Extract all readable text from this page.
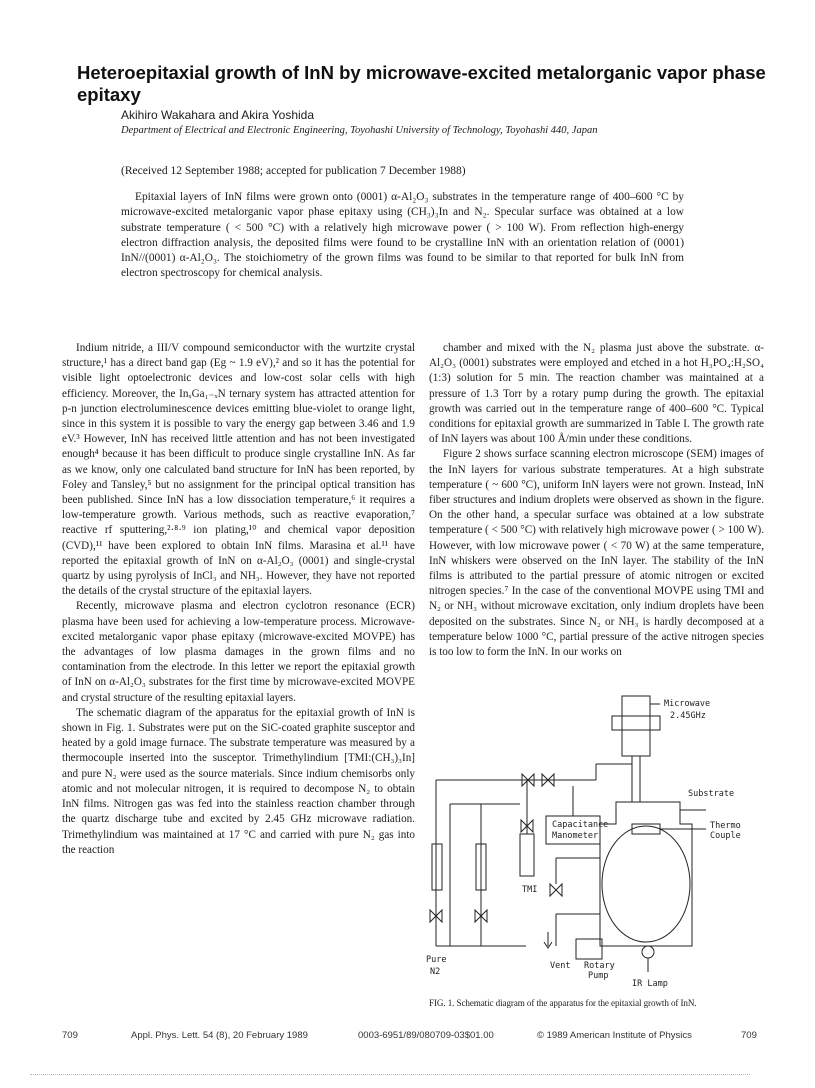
Heteroepitaxial growth of InN by microwave-excited metalorganic vapor phase epitaxy
Akihiro Wakahara and Akira Yoshida
Department of Electrical and Electronic Engineering, Toyohashi University of Technology, Toyohashi 440, Japan
(Received 12 September 1988; accepted for publication 7 December 1988)

Epitaxial layers of InN films were grown onto (0001) α-Al₂O₃ substrates in the temperature range of 400–600 °C by microwave-excited metalorganic vapor phase epitaxy using (CH₃)₃In and N₂. Specular surface was obtained at a low substrate temperature ( < 500 °C) with a relatively high microwave power ( > 100 W). From reflection high-energy electron diffraction analysis, the deposited films were found to be crystalline InN with an orientation relation of (0001) InN//(0001) α-Al₂O₃. The stoichiometry of the grown films was found to be similar to that reported for bulk InN from electron spectroscopy for chemical analysis.

Indium nitride, a III/V compound semiconductor with the wurtzite crystal structure,¹ has a direct band gap (Eg ~ 1.9 eV),² and so it has the potential for visible light optoelectronic devices and low-cost solar cells with high efficiency. Moreover, the InₓGa₁₋ₓN ternary system has attracted attention for p-n junction electroluminescence devices emitting blue-violet to orange light, since in this system it is possible to vary the energy gap between 3.46 and 1.9 eV.³ However, InN has received little attention and has not been investigated enough⁴ because it has been difficult to produce single crystalline InN. As far as we know, only one calculated band structure for InN has been reported, by Foley and Tansley,⁵ but no assignment for the principal optical transition has been published. Since InN has a low dissociation temperature,⁶ it requires a low-temperature growth. Various methods, such as reactive evaporation,⁷ reactive rf sputtering,²·⁸·⁹ ion plating,¹⁰ and chemical vapor deposition (CVD),¹¹ have been explored to obtain InN films. Marasina et al.¹¹ have reported the epitaxial growth of InN on α-Al₂O₃ (0001) and single-crystal quartz by using pyrolysis of InCl₃ and NH₃. However, they have not reported the details of the crystal structure of the epitaxial layers.

Recently, microwave plasma and electron cyclotron resonance (ECR) plasma have been used for achieving a low-temperature process. Microwave-excited metalorganic vapor phase epitaxy (microwave-excited MOVPE) has the advantages of low plasma damages in the grown films and no contamination from the electrode. In this letter we report the epitaxial growth of InN on α-Al₂O₃ substrates for the first time by microwave-excited MOVPE and crystal structure of the resulting epitaxial layers.

The schematic diagram of the apparatus for the epitaxial growth of InN is shown in Fig. 1. Substrates were put on the SiC-coated graphite susceptor and heated by a gold image furnace. The substrate temperature was measured by a thermocouple inserted into the susceptor. Trimethylindium [TMI:(CH₃)₃In] and pure N₂ were used as the source materials. Since indium chemisorbs only atomic and not molecular nitrogen, it is required to decompose N₂ to obtain InN films. Nitrogen gas was fed into the stainless reaction chamber through the quartz discharge tube and excited by 2.45 GHz microwave radiation. Trimethylindium was maintained at 17 °C and carried with pure N₂ gas into the reaction

chamber and mixed with the N₂ plasma just above the substrate. α-Al₂O₃ (0001) substrates were employed and etched in a hot H₃PO₄:H₂SO₄ (1:3) solution for 5 min. The reaction chamber was maintained at a pressure of 1.3 Torr by a rotary pump during the growth. The epitaxial growth was carried out in the temperature range of 400–600 °C. Typical conditions for epitaxial growth are summarized in Table I. The growth rate of InN layers was about 100 Å/min under these conditions.

Figure 2 shows surface scanning electron microscope (SEM) images of the InN layers for various substrate temperatures. At a high substrate temperature ( ~ 600 °C), uniform InN layers were not grown. Instead, InN fiber structures and indium droplets were observed as shown in the figure. On the other hand, a specular surface was obtained at a low substrate temperature ( < 500 °C) with relatively high microwave power ( > 100 W). However, with low microwave power ( < 70 W) at the same temperature, InN whiskers were observed on the InN layer. The stability of the InN films is attributed to the partial pressure of atomic nitrogen or excited nitrogen species.⁷ In the case of the conventional MOVPE using TMI and N₂ or NH₃ without microwave excitation, only indium droplets have been deposited on the substrates. Since N₂ or NH₃ is hardly decomposed at a temperature below 1000 °C, partial pressure of the active nitrogen species is too low to form the InN. In our works on

Microwave
2.45GHz
Capacitance
Manometer
Substrate
Thermo
Couple
TMI
Pure
N2
Vent Rotary
Pump
IR Lamp
FIG. 1. Schematic diagram of the apparatus for the epitaxial growth of InN.
709	Appl. Phys. Lett. 54 (8), 20 February 1989	0003-6951/89/080709-03$01.00	© 1989 American Institute of Physics	709
